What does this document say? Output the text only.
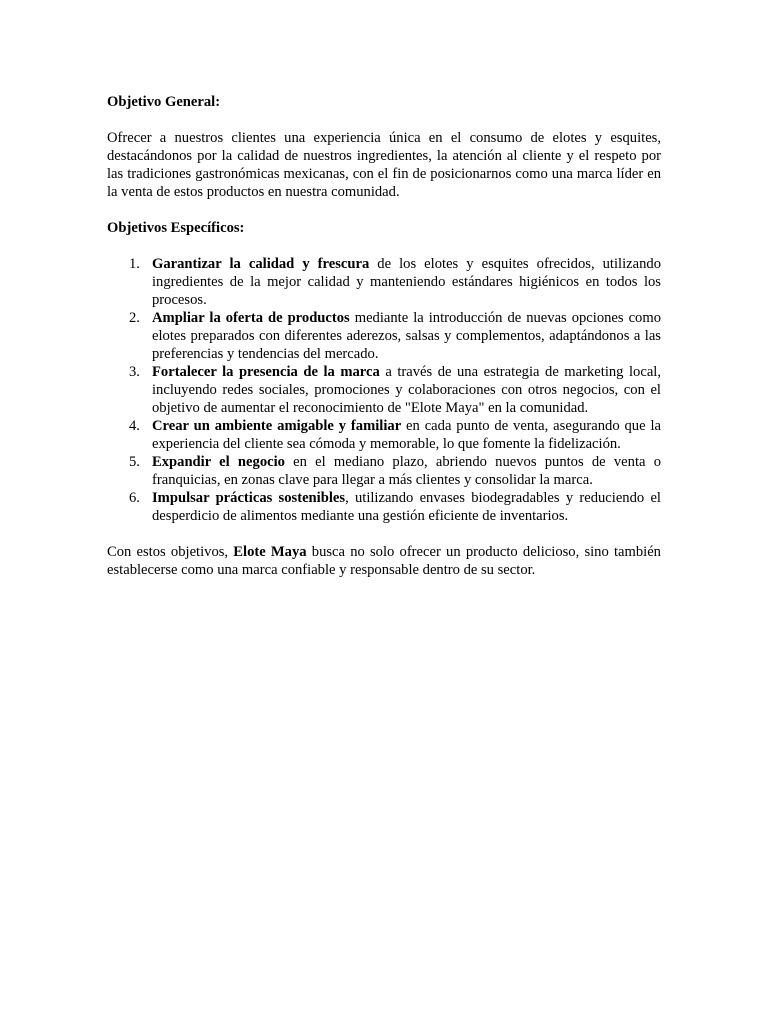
Objetivo General:

Ofrecer a nuestros clientes una experiencia única en el consumo de elotes y esquites, destacándonos por la calidad de nuestros ingredientes, la atención al cliente y el respeto por las tradiciones gastronómicas mexicanas, con el fin de posicionarnos como una marca líder en la venta de estos productos en nuestra comunidad.

Objetivos Específicos:

1. Garantizar la calidad y frescura de los elotes y esquites ofrecidos, utilizando ingredientes de la mejor calidad y manteniendo estándares higiénicos en todos los procesos.
2. Ampliar la oferta de productos mediante la introducción de nuevas opciones como elotes preparados con diferentes aderezos, salsas y complementos, adaptándonos a las preferencias y tendencias del mercado.
3. Fortalecer la presencia de la marca a través de una estrategia de marketing local, incluyendo redes sociales, promociones y colaboraciones con otros negocios, con el objetivo de aumentar el reconocimiento de "Elote Maya" en la comunidad.
4. Crear un ambiente amigable y familiar en cada punto de venta, asegurando que la experiencia del cliente sea cómoda y memorable, lo que fomente la fidelización.
5. Expandir el negocio en el mediano plazo, abriendo nuevos puntos de venta o franquicias, en zonas clave para llegar a más clientes y consolidar la marca.
6. Impulsar prácticas sostenibles, utilizando envases biodegradables y reduciendo el desperdicio de alimentos mediante una gestión eficiente de inventarios.

Con estos objetivos, Elote Maya busca no solo ofrecer un producto delicioso, sino también establecerse como una marca confiable y responsable dentro de su sector.
